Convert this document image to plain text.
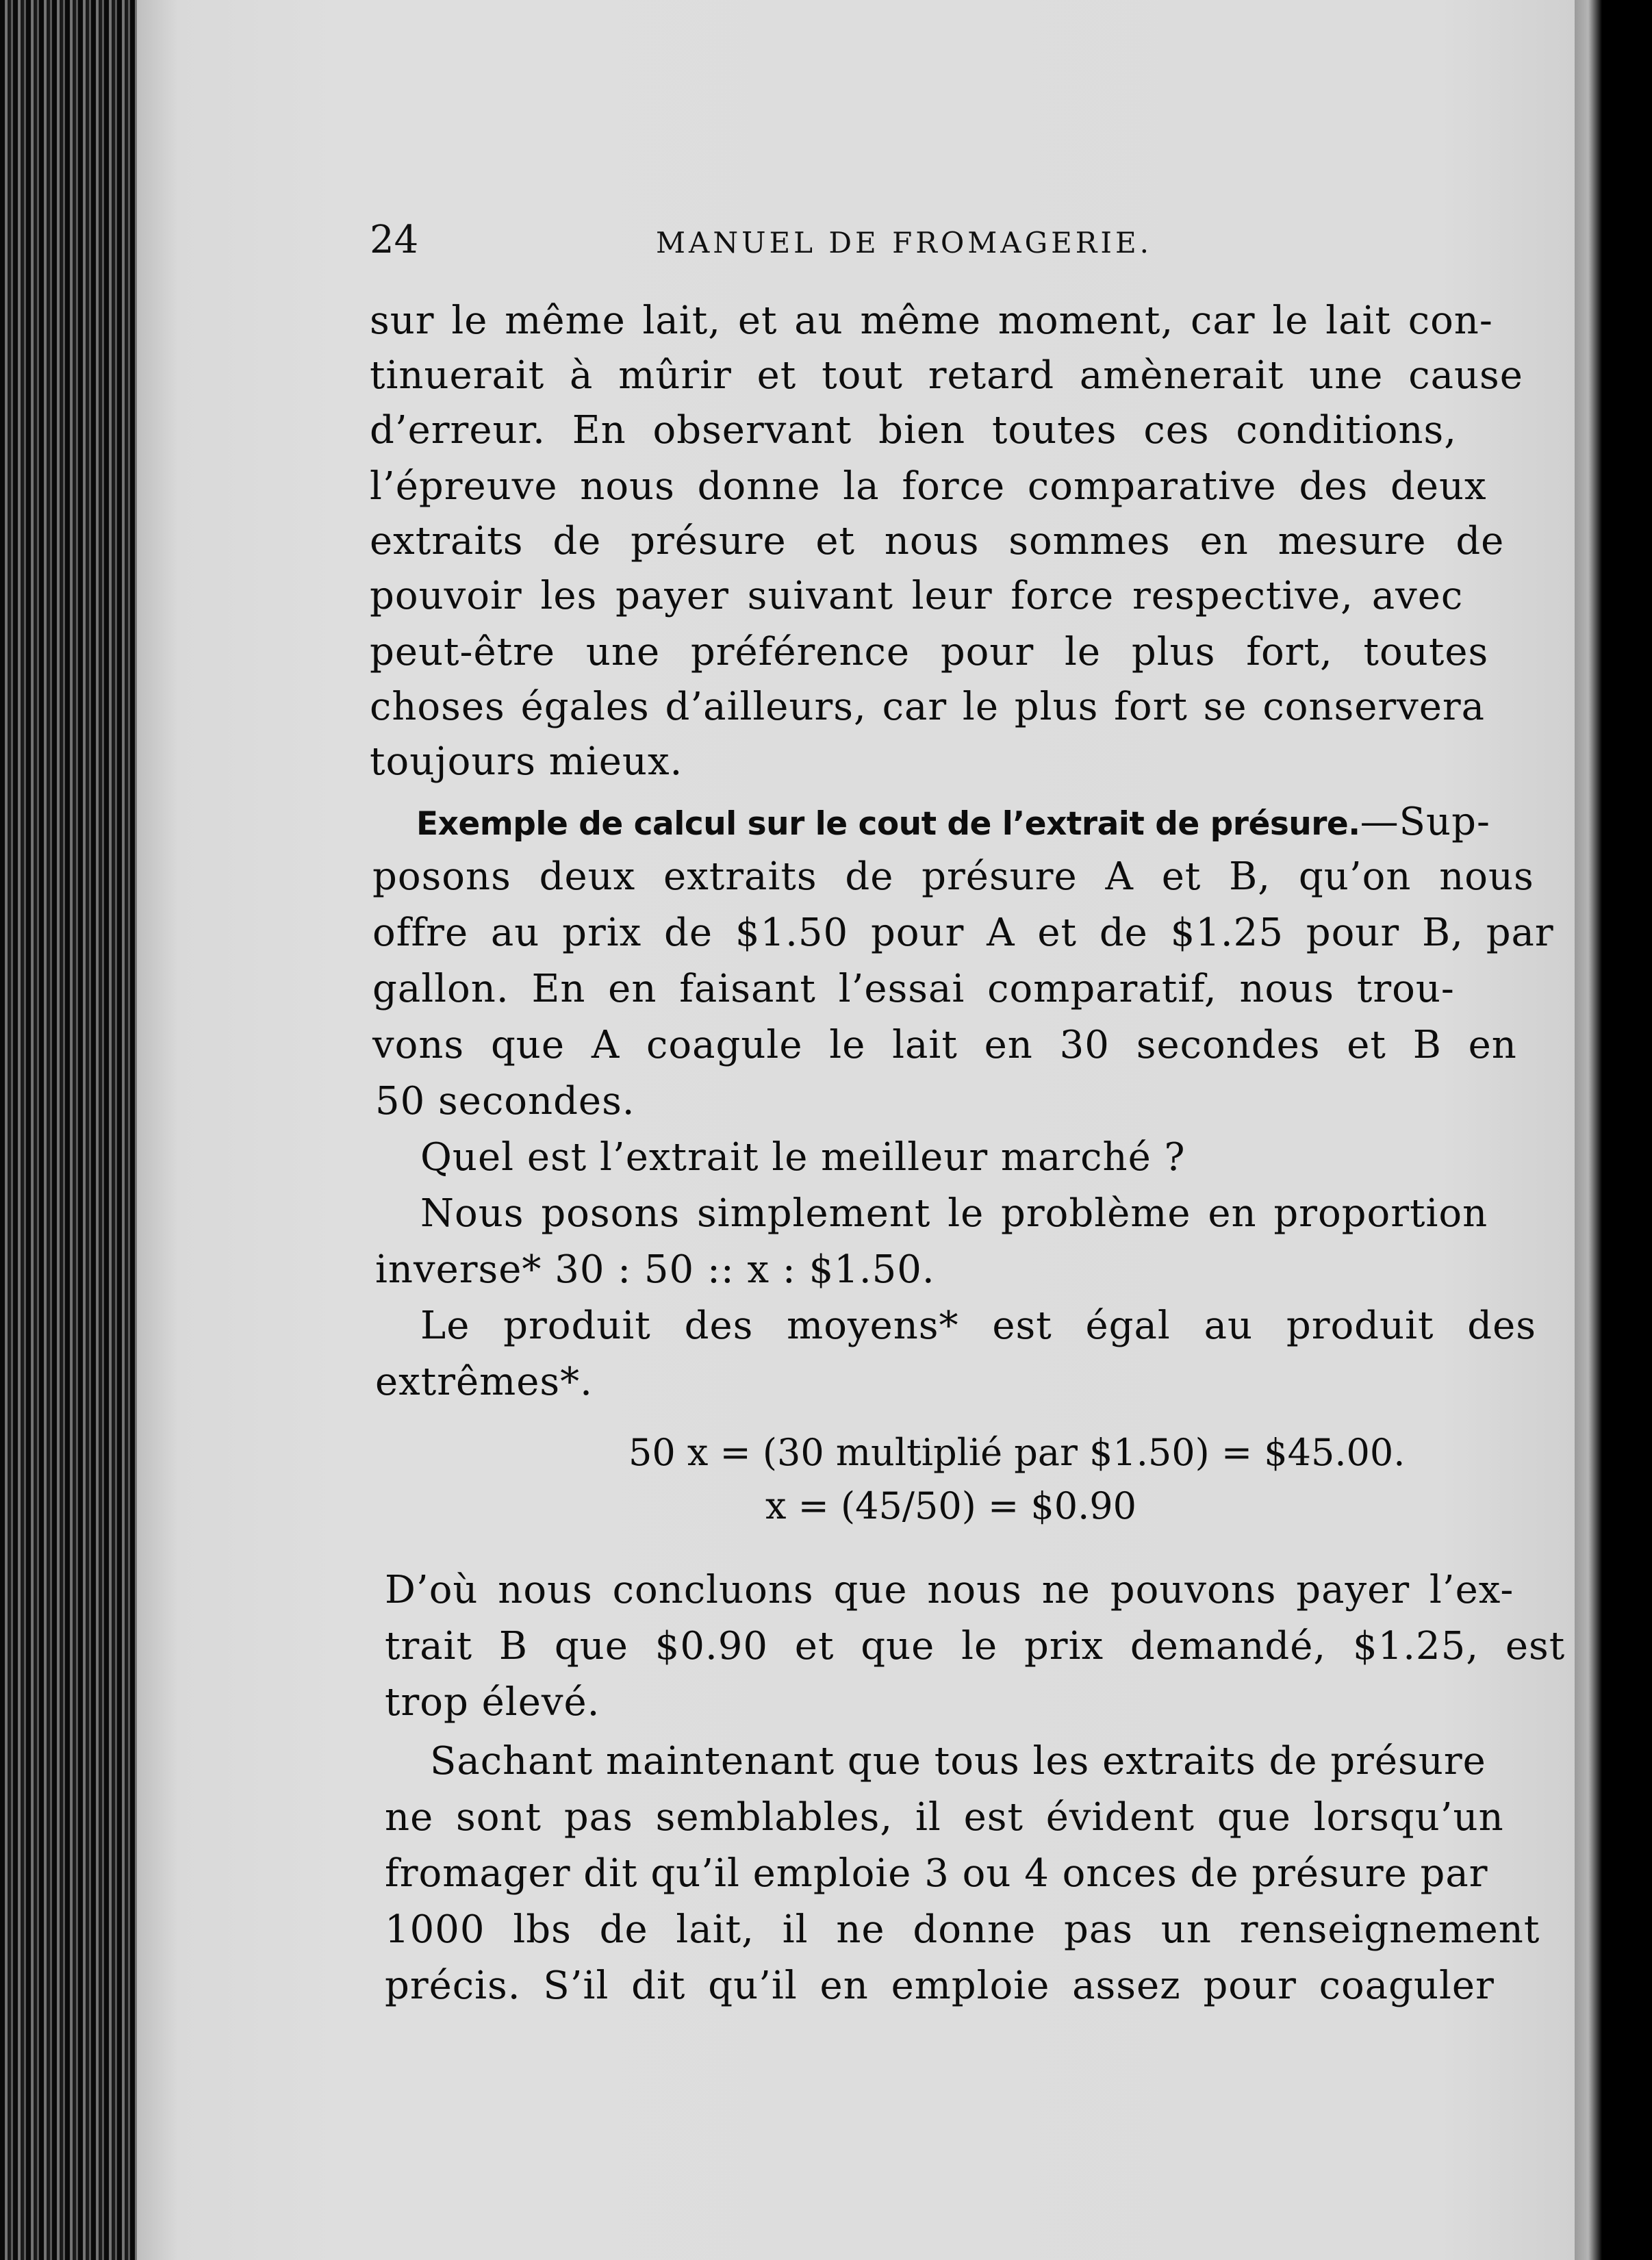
24	MANUEL DE FROMAGERIE.
sur le même lait, et au même moment, car le lait con-
tinuerait à mûrir et tout retard amènerait une cause
d’erreur. En observant bien toutes ces conditions,
l’épreuve nous donne la force comparative des deux
extraits de présure et nous sommes en mesure de
pouvoir les payer suivant leur force respective, avec
peut-être une préférence pour le plus fort, toutes
choses égales d’ailleurs, car le plus fort se conservera
toujours mieux.
Exemple de calcul sur le cout de l’extrait de présure.—Sup-
posons deux extraits de présure A et B, qu’on nous
offre au prix de $1.50 pour A et de $1.25 pour B, par
gallon. En en faisant l’essai comparatif, nous trou-
vons que A coagule le lait en 30 secondes et B en
50 secondes.
Quel est l’extrait le meilleur marché ?
Nous posons simplement le problème en proportion
inverse* 30 : 50 :: x : $1.50.
Le produit des moyens* est égal au produit des
extrêmes*.
50 x = (30 multiplié par $1.50) = $45.00.
x = (45/50) = $0.90
D’où nous concluons que nous ne pouvons payer l’ex-
trait B que $0.90 et que le prix demandé, $1.25, est
trop élevé.
Sachant maintenant que tous les extraits de présure
ne sont pas semblables, il est évident que lorsqu’un
fromager dit qu’il emploie 3 ou 4 onces de présure par
1000 lbs de lait, il ne donne pas un renseignement
précis. S’il dit qu’il en emploie assez pour coaguler
